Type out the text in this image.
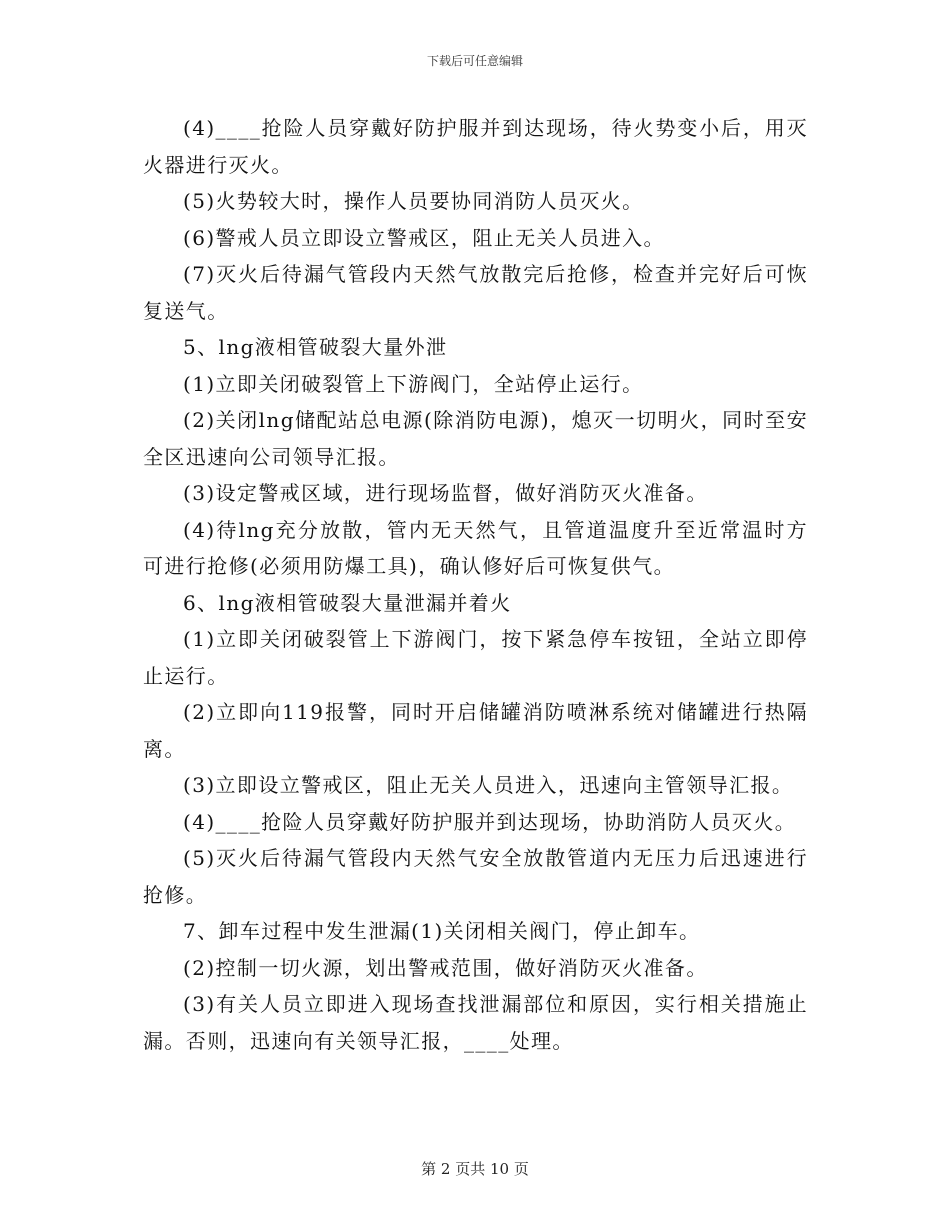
下载后可任意编辑

(4)____抢险人员穿戴好防护服并到达现场，待火势变小后，用灭火器进行灭火。

(5)火势较大时，操作人员要协同消防人员灭火。

(6)警戒人员立即设立警戒区，阻止无关人员进入。

(7)灭火后待漏气管段内天然气放散完后抢修，检查并完好后可恢复送气。

5、lng液相管破裂大量外泄

(1)立即关闭破裂管上下游阀门，全站停止运行。

(2)关闭lng储配站总电源(除消防电源)，熄灭一切明火，同时至安全区迅速向公司领导汇报。

(3)设定警戒区域，进行现场监督，做好消防灭火准备。

(4)待lng充分放散，管内无天然气，且管道温度升至近常温时方可进行抢修(必须用防爆工具)，确认修好后可恢复供气。

6、lng液相管破裂大量泄漏并着火

(1)立即关闭破裂管上下游阀门，按下紧急停车按钮，全站立即停止运行。

(2)立即向119报警，同时开启储罐消防喷淋系统对储罐进行热隔离。

(3)立即设立警戒区，阻止无关人员进入，迅速向主管领导汇报。

(4)____抢险人员穿戴好防护服并到达现场，协助消防人员灭火。

(5)灭火后待漏气管段内天然气安全放散管道内无压力后迅速进行抢修。

7、卸车过程中发生泄漏(1)关闭相关阀门，停止卸车。

(2)控制一切火源，划出警戒范围，做好消防灭火准备。

(3)有关人员立即进入现场查找泄漏部位和原因，实行相关措施止漏。否则，迅速向有关领导汇报，____处理。

第 2 页共 10 页
